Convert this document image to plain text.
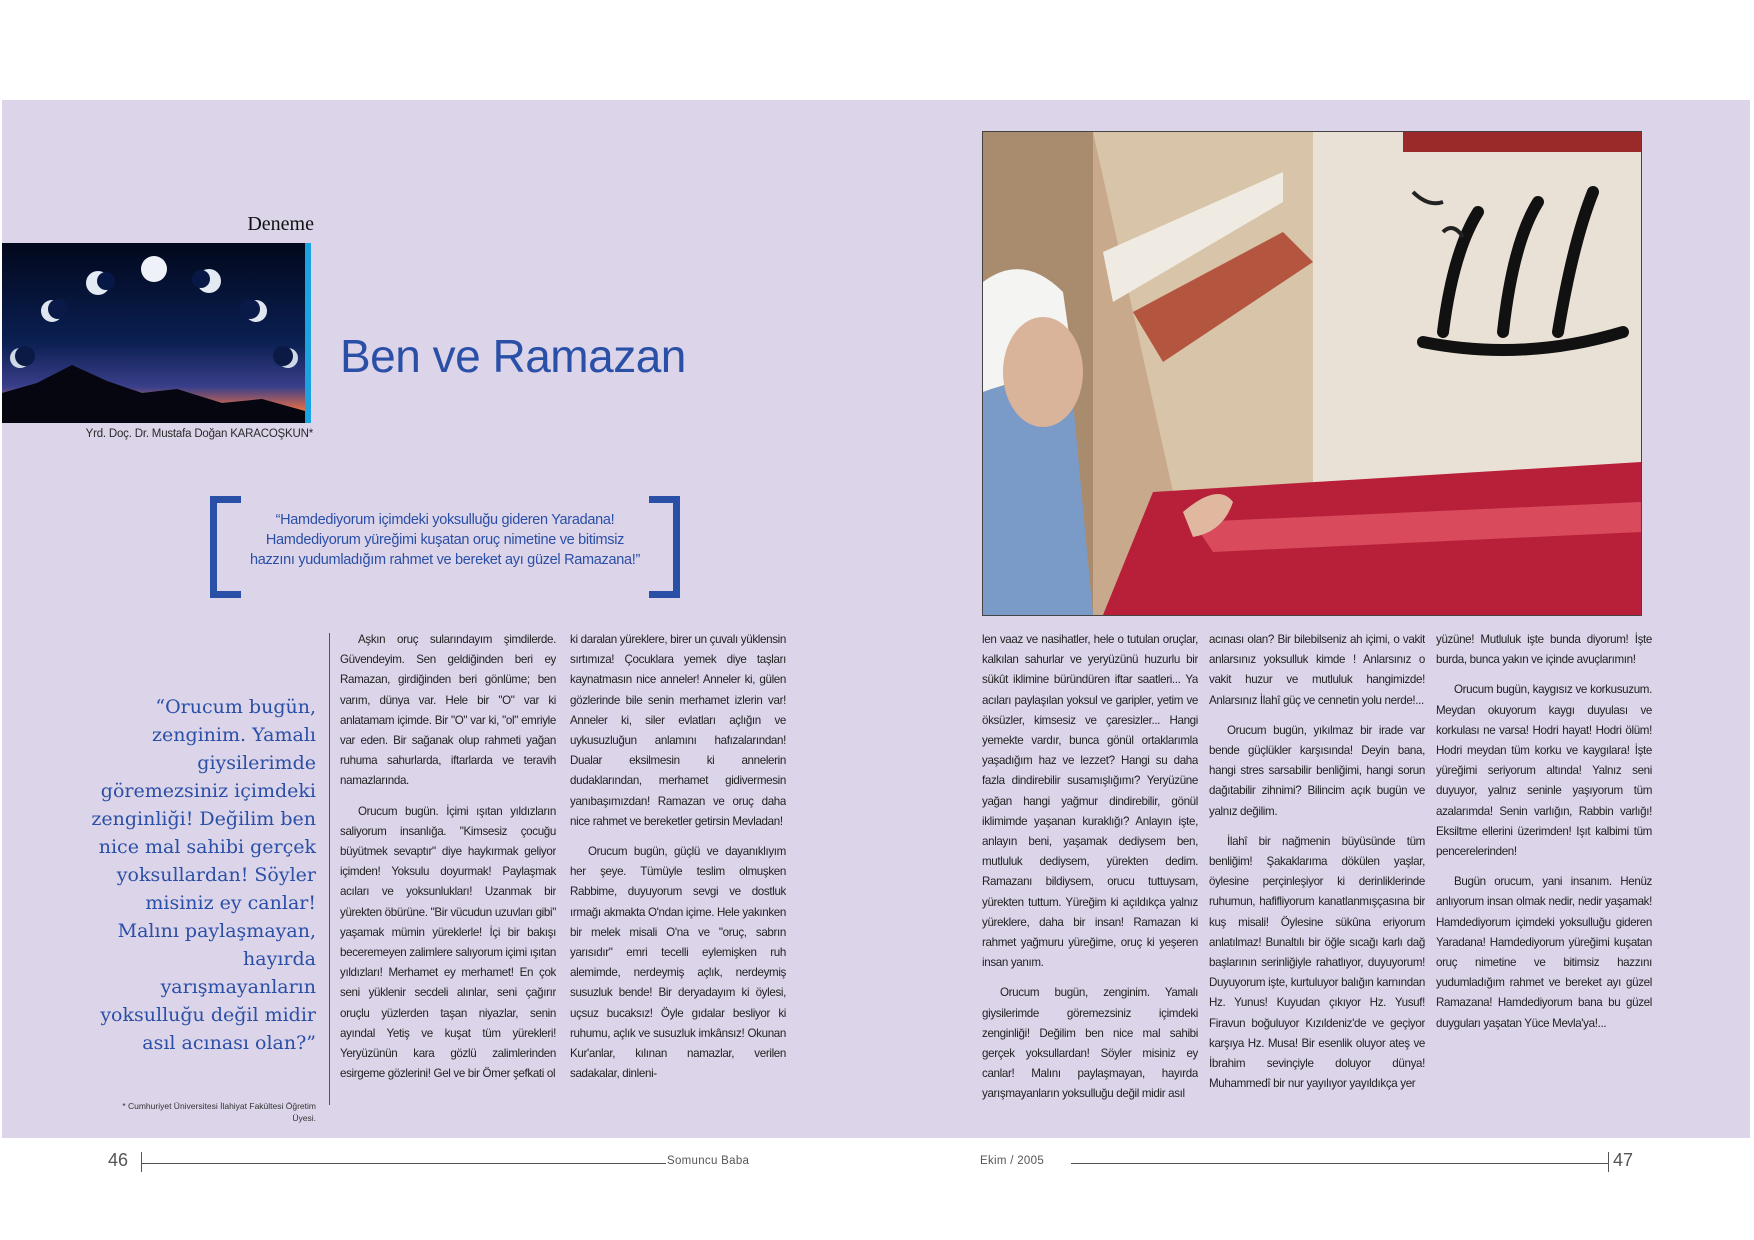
Deneme
Yrd. Doç. Dr. Mustafa Doğan KARACOŞKUN*
Ben ve Ramazan
“Hamdediyorum içimdeki yoksulluğu gideren Yaradana! Hamdediyorum yüreğimi kuşatan oruç nimetine ve bitimsiz hazzını yudumladığım rahmet ve bereket ayı güzel Ramazana!”
“Orucum bugün, zenginim. Yamalı giysilerimde göremezsiniz içimdeki zenginliği! Değilim ben nice mal sahibi gerçek yoksullardan! Söyler misiniz ey canlar! Malını paylaşmayan, hayırda yarışmayanların yoksulluğu değil midir asıl acınası olan?”
* Cumhuriyet Üniversitesi İlahiyat Fakültesi Öğretim Üyesi.

Aşkın oruç sularındayım şimdilerde. Güvendeyim. Sen geldiğinden beri ey Ramazan, girdiğinden beri gönlüme; ben varım, dünya var. Hele bir "O" var ki anlatamam içimde. Bir "O" var ki, "ol" emriyle var eden. Bir sağanak olup rahmeti yağan ruhuma sahurlarda, iftarlarda ve teravih namazlarında.

Orucum bugün. İçimi ışıtan yıldızların saliyorum insanlığa. "Kimsesiz çocuğu büyütmek sevaptır" diye haykırmak geliyor içimden! Yoksulu doyurmak! Paylaşmak acıları ve yoksunlukları! Uzanmak bir yürekten öbürüne. "Bir vücudun uzuvları gibi" yaşamak mümin yüreklerle! İçi bir bakışı beceremeyen zalimlere salıyorum içimi ışıtan yıldızları! Merhamet ey merhamet! En çok seni yüklenir secdeli alınlar, seni çağırır oruçlu yüzlerden taşan niyazlar, senin ayındal Yetiş ve kuşat tüm yürekleri! Yeryüzünün kara gözlü zalimlerinden esirgeme gözlerini! Gel ve bir Ömer şefkati ol

ki daralan yüreklere, birer un çuvalı yüklensin sırtımıza! Çocuklara yemek diye taşları kaynatmasın nice anneler! Anneler ki, gülen gözlerinde bile senin merhamet izlerin var! Anneler ki, siler evlatları açlığın ve uykusuzluğun anlamını hafızalarından! Dualar eksilmesin ki annelerin dudaklarından, merhamet gidivermesin yanıbaşımızdan! Ramazan ve oruç daha nice rahmet ve bereketler getirsin Mevladan!

Orucum bugün, güçlü ve dayanıklıyım her şeye. Tümüyle teslim olmuşken Rabbime, duyuyorum sevgi ve dostluk ırmağı akmakta O'ndan içime. Hele yakınken bir melek misali O'na ve "oruç, sabrın yarısıdır" emri tecelli eylemişken ruh alemimde, nerdeymiş açlık, nerdeymiş susuzluk bende! Bir deryadayım ki öylesi, uçsuz bucaksız! Öyle gıdalar besliyor ki ruhumu, açlık ve susuzluk imkânsız! Okunan Kur'anlar, kılınan namazlar, verilen sadakalar, dinleni-

len vaaz ve nasihatler, hele o tutulan oruçlar, kalkılan sahurlar ve yeryüzünü huzurlu bir sükût iklimine büründüren iftar saatleri... Ya acıları paylaşılan yoksul ve garipler, yetim ve öksüzler, kimsesiz ve çaresizler... Hangi yemekte vardır, bunca gönül ortaklarımla yaşadığım haz ve lezzet? Hangi su daha fazla dindirebilir susamışlığımı? Yeryüzüne yağan hangi yağmur dindirebilir, gönül iklimimde yaşanan kuraklığı? Anlayın işte, anlayın beni, yaşamak dediysem ben, mutluluk dediysem, yürekten dedim. Ramazanı bildiysem, orucu tuttuysam, yürekten tuttum. Yüreğim ki açıldıkça yalnız yüreklere, daha bir insan! Ramazan ki rahmet yağmuru yüreğime, oruç ki yeşeren insan yanım.

Orucum bugün, zenginim. Yamalı giysilerimde göremezsiniz içimdeki zenginliği! Değilim ben nice mal sahibi gerçek yoksullardan! Söyler misiniz ey canlar! Malını paylaşmayan, hayırda yarışmayanların yoksulluğu değil midir asıl

acınası olan? Bir bilebilseniz ah içimi, o vakit anlarsınız yoksulluk kimde ! Anlarsınız o vakit huzur ve mutluluk hangimizde! Anlarsınız İlahî güç ve cennetin yolu nerde!...

Orucum bugün, yıkılmaz bir irade var bende güçlükler karşısında! Deyin bana, hangi stres sarsabilir benliğimi, hangi sorun dağıtabilir zihnimi? Bilincim açık bugün ve yalnız değilim.

İlahî bir nağmenin büyüsünde tüm benliğim! Şakaklarıma dökülen yaşlar, öylesine perçinleşiyor ki derinliklerinde ruhumun, hafifliyorum kanatlanmışçasına bir kuş misali! Öylesine sükûna eriyorum anlatılmaz! Bunaltılı bir öğle sıcağı karlı dağ başlarının serinliğiyle rahatlıyor, duyuyorum! Duyuyorum işte, kurtuluyor balığın karnından Hz. Yunus! Kuyudan çıkıyor Hz. Yusuf! Firavun boğuluyor Kızıldeniz'de ve geçiyor karşıya Hz. Musa! Bir esenlik oluyor ateş ve İbrahim sevinçiyle doluyor dünya! Muhammedî bir nur yayılıyor yayıldıkça yer

yüzüne! Mutluluk işte bunda diyorum! İşte burda, bunca yakın ve içinde avuçlarımın!

Orucum bugün, kaygısız ve korkusuzum. Meydan okuyorum kaygı duyulası ve korkulası ne varsa! Hodri hayat! Hodri ölüm! Hodri meydan tüm korku ve kaygılara! İşte yüreğimi seriyorum altında! Yalnız seni duyuyor, yalnız seninle yaşıyorum tüm azalarımda! Senin varlığın, Rabbin varlığı! Eksiltme ellerini üzerimden! Işıt kalbimi tüm pencerelerinden!

Bugün orucum, yani insanım. Henüz anlıyorum insan olmak nedir, nedir yaşamak! Hamdediyorum içimdeki yoksulluğu gideren Yaradana! Hamdediyorum yüreğimi kuşatan oruç nimetine ve bitimsiz hazzını yudumladığım rahmet ve bereket ayı güzel Ramazana! Hamdediyorum bana bu güzel duyguları yaşatan Yüce Mevla'ya!...

46	Somuncu Baba	Ekim / 2005	47
